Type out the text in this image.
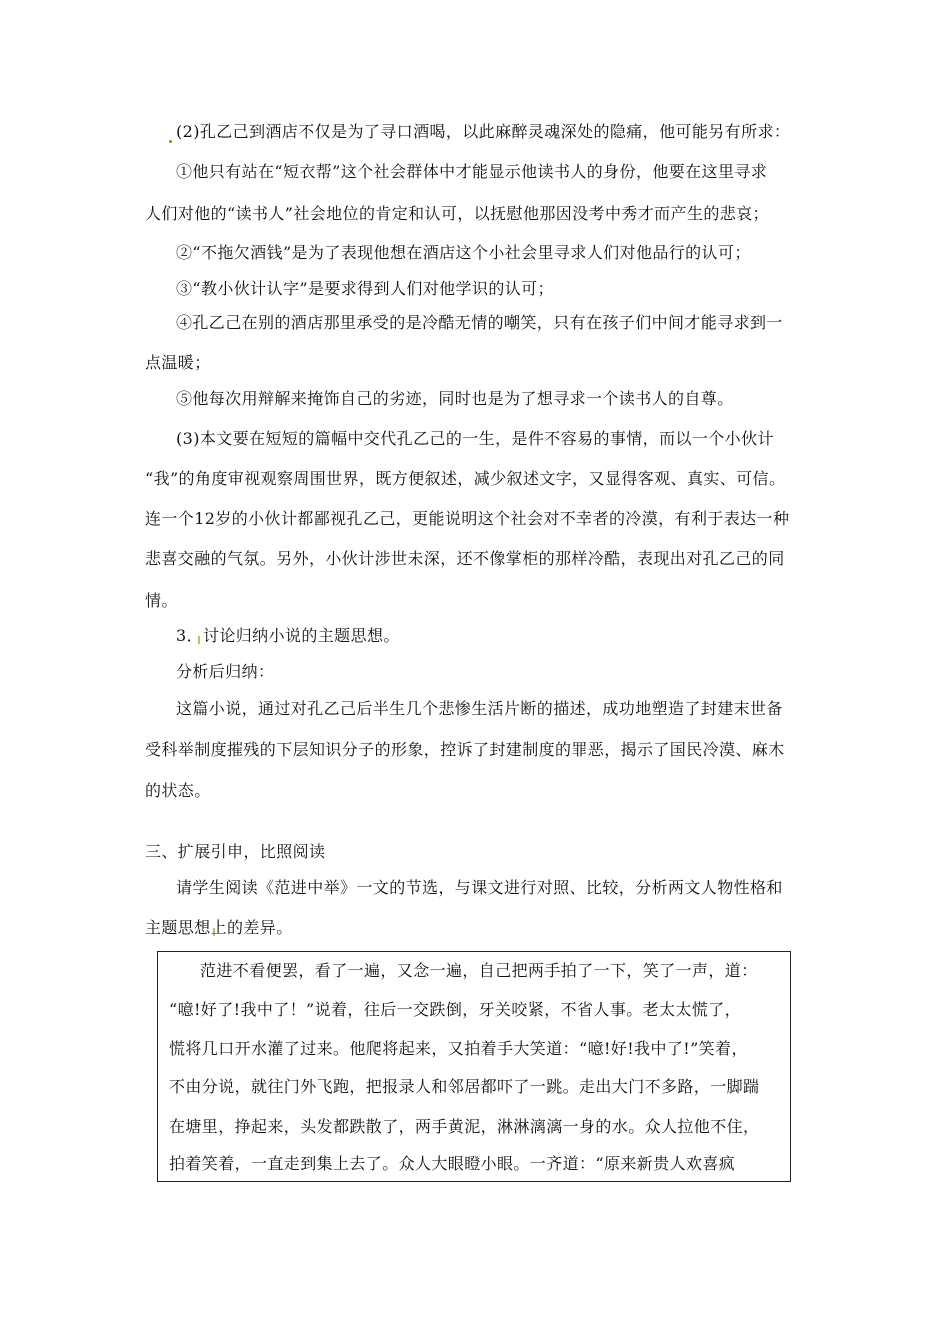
(2)孔乙己到酒店不仅是为了寻口酒喝，以此麻醉灵魂深处的隐痛，他可能另有所求：
①他只有站在“短衣帮”这个社会群体中才能显示他读书人的身份，他要在这里寻求
人们对他的“读书人”社会地位的肯定和认可，以抚慰他那因没考中秀才而产生的悲哀；
②“不拖欠酒钱”是为了表现他想在酒店这个小社会里寻求人们对他品行的认可；
③“教小伙计认字”是要求得到人们对他学识的认可；
④孔乙己在别的酒店那里承受的是冷酷无情的嘲笑，只有在孩子们中间才能寻求到一
点温暖；
⑤他每次用辩解来掩饰自己的劣迹，同时也是为了想寻求一个读书人的自尊。
(3)本文要在短短的篇幅中交代孔乙己的一生，是件不容易的事情，而以一个小伙计
“我”的角度审视观察周围世界，既方便叙述，减少叙述文字，又显得客观、真实、可信。
连一个12岁的小伙计都鄙视孔乙己，更能说明这个社会对不幸者的冷漠，有利于表达一种
悲喜交融的气氛。另外，小伙计涉世未深，还不像掌柜的那样冷酷，表现出对孔乙己的同
情。
3．讨论归纳小说的主题思想。
分析后归纳：
这篇小说，通过对孔乙己后半生几个悲惨生活片断的描述，成功地塑造了封建末世备
受科举制度摧残的下层知识分子的形象，控诉了封建制度的罪恶，揭示了国民冷漠、麻木
的状态。
三、扩展引申，比照阅读
请学生阅读《范进中举》一文的节选，与课文进行对照、比较，分析两文人物性格和
主题思想上的差异。
范进不看便罢，看了一遍，又念一遍，自己把两手拍了一下，笑了一声，道：
“噫!好了!我中了！”说着，往后一交跌倒，牙关咬紧，不省人事。老太太慌了，
慌将几口开水灌了过来。他爬将起来，又拍着手大笑道：“噫!好!我中了!”笑着，
不由分说，就往门外飞跑，把报录人和邻居都吓了一跳。走出大门不多路，一脚踹
在塘里，挣起来，头发都跌散了，两手黄泥，淋淋漓漓一身的水。众人拉他不住，
拍着笑着，一直走到集上去了。众人大眼瞪小眼。一齐道：“原来新贵人欢喜疯
